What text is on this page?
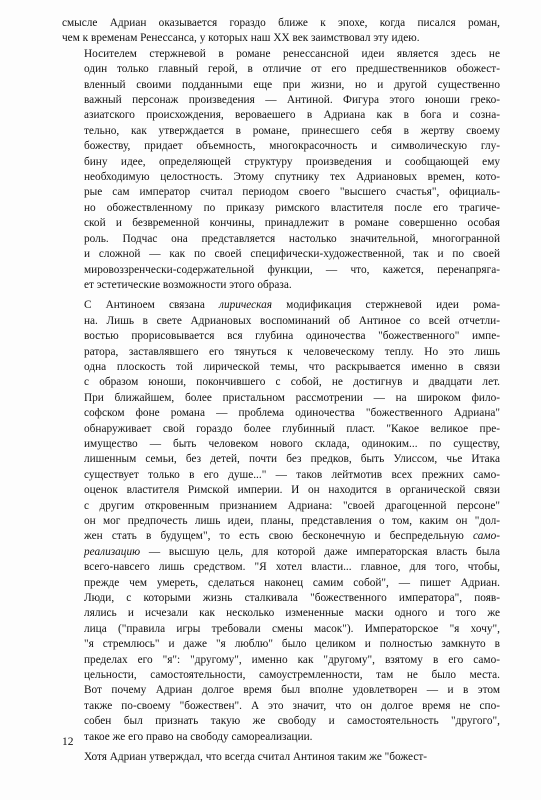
смысле Адриан оказывается гораздо ближе к эпохе, когда писался роман,
чем к временам Ренессанса, у которых наш XX век заимствовал эту идею.
Носителем стержневой в романе ренессансной идеи является здесь не
один только главный герой, в отличие от его предшественников обожест-
вленный своими подданными еще при жизни, но и другой существенно
важный персонаж произведения — Антиной. Фигура этого юноши греко-
азиатского происхождения, вероваешего в Адриана как в бога и созна-
тельно, как утверждается в романе, принесшего себя в жертву своему
божеству, придает объемность, многокрасочность и символическую глу-
бину идее, определяющей структуру произведения и сообщающей ему
необходимую целостность. Этому спутнику тех Адриановых времен, кото-
рые сам император считал периодом своего "высшего счастья", официаль-
но обожествленному по приказу римского властителя после его трагиче-
ской и безвременной кончины, принадлежит в романе совершенно особая
роль. Подчас она представляется настолько значительной, многогранной
и сложной — как по своей специфически-художественной, так и по своей
мировоззренчески-содержательной функции, — что, кажется, перенапряга-
ет эстетические возможности этого образа.
С Антиноем связана лирическая модификация стержневой идеи рома-
на. Лишь в свете Адриановых воспоминаний об Антиное со всей отчетли-
востью прорисовывается вся глубина одиночества "божественного" импе-
ратора, заставлявшего его тянуться к человеческому теплу. Но это лишь
одна плоскость той лирической темы, что раскрывается именно в связи
с образом юноши, покончившего с собой, не достигнув и двадцати лет.
При ближайшем, более пристальном рассмотрении — на широком фило-
софском фоне романа — проблема одиночества "божественного Адриана"
обнаруживает свой гораздо более глубинный пласт. "Какое великое пре-
имущество — быть человеком нового склада, одиноким... по существу,
лишенным семьи, без детей, почти без предков, быть Улиссом, чье Итака
существует только в его душе..." — таков лейтмотив всех прежних само-
оценок властителя Римской империи. И он находится в органической связи
с другим откровенным признанием Адриана: "своей драгоценной персоне"
он мог предпочесть лишь идеи, планы, представления о том, каким он "дол-
жен стать в будущем", то есть свою бесконечную и беспредельную само-
реализацию — высшую цель, для которой даже императорская власть была
всего-навсего лишь средством. "Я хотел власти... главное, для того, чтобы,
прежде чем умереть, сделаться наконец самим собой", — пишет Адриан.
Люди, с которыми жизнь сталкивала "божественного императора", появ-
лялись и исчезали как несколько измененные маски одного и того же
лица ("правила игры требовали смены масок"). Императорское "я хочу",
"я стремлюсь" и даже "я люблю" было целиком и полностью замкнуто в
пределах его "я": "другому", именно как "другому", взятому в его само-
цельности, самостоятельности, самоустремленности, там не было места.
Вот почему Адриан долгое время был вполне удовлетворен — и в этом
также по-своему "божествен". А это значит, что он долгое время не спо-
собен был признать такую же свободу и самостоятельность "другого",
такое же его право на свободу самореализации.
Хотя Адриан утверждал, что всегда считал Антиноя таким же "божест-
12
